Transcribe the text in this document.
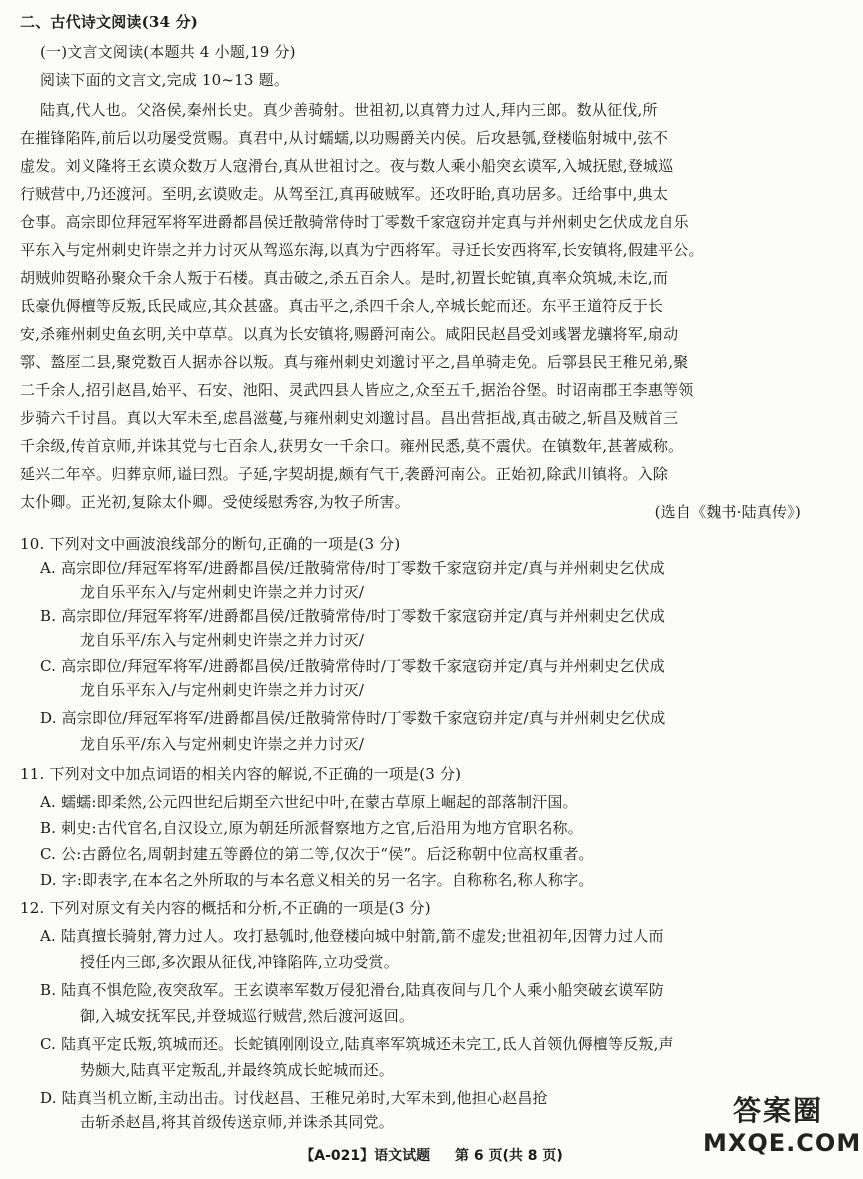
二、古代诗文阅读(34 分)
(一)文言文阅读(本题共 4 小题,19 分)
阅读下面的文言文,完成 10~13 题。
陆真,代人也。父洛侯,秦州长史。真少善骑射。世祖初,以真膂力过人,拜内三郎。数从征伐,所
在摧锋陷阵,前后以功屡受赏赐。真君中,从讨蠕蠕,以功赐爵关内侯。后攻悬瓠,登楼临射城中,弦不
虚发。刘义隆将王玄谟众数万人寇滑台,真从世祖讨之。夜与数人乘小船突玄谟军,入城抚慰,登城巡
行贼营中,乃还渡河。至明,玄谟败走。从驾至江,真再破贼军。还攻盱眙,真功居多。迁给事中,典太
仓事。高宗即位拜冠军将军进爵都昌侯迁散骑常侍时丁零数千家寇窃并定真与并州刺史乞伏成龙自乐
平东入与定州刺史许崇之并力讨灭从驾巡东海,以真为宁西将军。寻迁长安西将军,长安镇将,假建平公。
胡贼帅贺略孙聚众千余人叛于石楼。真击破之,杀五百余人。是时,初置长蛇镇,真率众筑城,未讫,而
氐豪仇傉檀等反叛,氐民咸应,其众甚盛。真击平之,杀四千余人,卒城长蛇而还。东平王道符反于长
安,杀雍州刺史鱼玄明,关中草草。以真为长安镇将,赐爵河南公。咸阳民赵昌受刘彧署龙骧将军,扇动
鄠、盩厔二县,聚党数百人据赤谷以叛。真与雍州刺史刘邈讨平之,昌单骑走免。后鄠县民王稚兄弟,聚
二千余人,招引赵昌,始平、石安、池阳、灵武四县人皆应之,众至五千,据治谷堡。时诏南郡王李惠等领
步骑六千讨昌。真以大军未至,虑昌滋蔓,与雍州刺史刘邈讨昌。昌出营拒战,真击破之,斩昌及贼首三
千余级,传首京师,并诛其党与七百余人,获男女一千余口。雍州民悉,莫不震伏。在镇数年,甚著威称。
延兴二年卒。归葬京师,谥曰烈。子延,字契胡提,颇有气干,袭爵河南公。正始初,除武川镇将。入除
太仆卿。正光初,复除太仆卿。受使绥慰秀容,为牧子所害。
(选自《魏书·陆真传》)
10. 下列对文中画波浪线部分的断句,正确的一项是(3 分)
A. 高宗即位/拜冠军将军/进爵都昌侯/迁散骑常侍/时丁零数千家寇窃并定/真与并州刺史乞伏成
龙自乐平东入/与定州刺史许崇之并力讨灭/
B. 高宗即位/拜冠军将军/进爵都昌侯/迁散骑常侍/时丁零数千家寇窃并定/真与并州刺史乞伏成
龙自乐平/东入与定州刺史许崇之并力讨灭/
C. 高宗即位/拜冠军将军/进爵都昌侯/迁散骑常侍时/丁零数千家寇窃并定/真与并州刺史乞伏成
龙自乐平东入/与定州刺史许崇之并力讨灭/
D. 高宗即位/拜冠军将军/进爵都昌侯/迁散骑常侍时/丁零数千家寇窃并定/真与并州刺史乞伏成
龙自乐平/东入与定州刺史许崇之并力讨灭/
11. 下列对文中加点词语的相关内容的解说,不正确的一项是(3 分)
A. 蠕蠕:即柔然,公元四世纪后期至六世纪中叶,在蒙古草原上崛起的部落制汗国。
B. 刺史:古代官名,自汉设立,原为朝廷所派督察地方之官,后沿用为地方官职名称。
C. 公:古爵位名,周朝封建五等爵位的第二等,仅次于“侯”。后泛称朝中位高权重者。
D. 字:即表字,在本名之外所取的与本名意义相关的另一名字。自称称名,称人称字。
12. 下列对原文有关内容的概括和分析,不正确的一项是(3 分)
A. 陆真擅长骑射,膂力过人。攻打悬瓠时,他登楼向城中射箭,箭不虚发;世祖初年,因膂力过人而
授任内三郎,多次跟从征伐,冲锋陷阵,立功受赏。
B. 陆真不惧危险,夜突敌军。王玄谟率军数万侵犯滑台,陆真夜间与几个人乘小船突破玄谟军防
御,入城安抚军民,并登城巡行贼营,然后渡河返回。
C. 陆真平定氐叛,筑城而还。长蛇镇刚刚设立,陆真率军筑城还未完工,氐人首领仇傉檀等反叛,声
势颇大,陆真平定叛乱,并最终筑成长蛇城而还。
D. 陆真当机立断,主动出击。讨伐赵昌、王稚兄弟时,大军未到,他担心赵昌抢
击斩杀赵昌,将其首级传送京师,并诛杀其同党。
【A-021】语文试题 第 6 页(共 8 页)
答案圈
MXQE.COM
